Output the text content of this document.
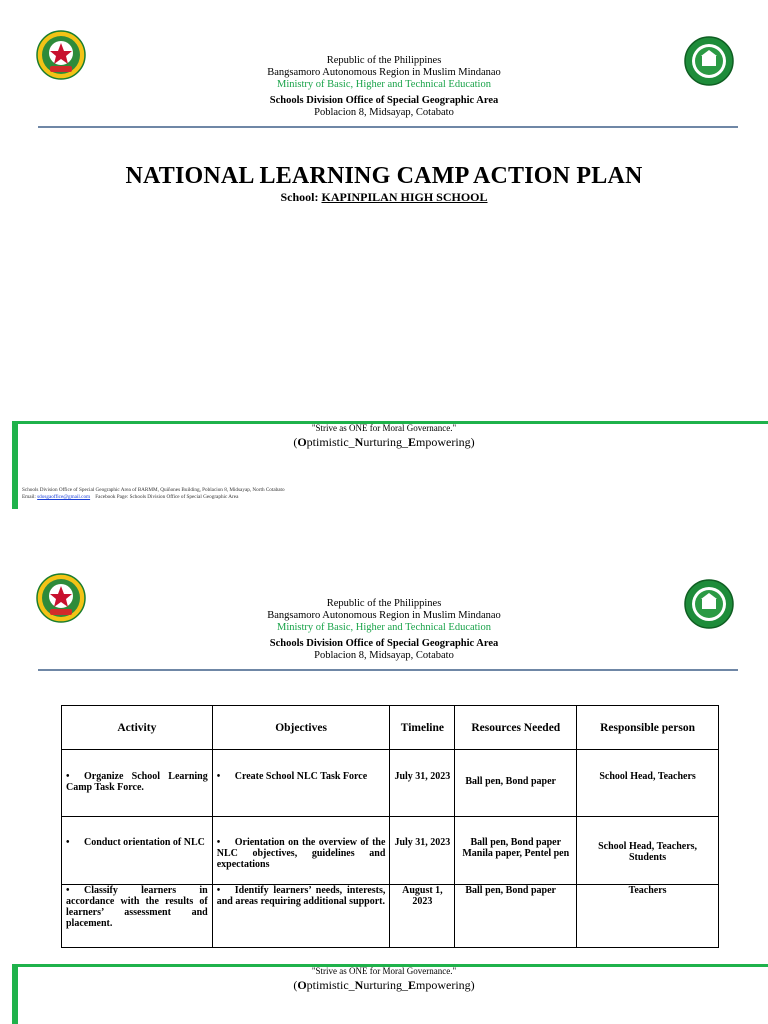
Republic of the Philippines
Bangsamoro Autonomous Region in Muslim Mindanao
Ministry of Basic, Higher and Technical Education
Schools Division Office of Special Geographic Area
Poblacion 8, Midsayap, Cotabato
NATIONAL LEARNING CAMP ACTION PLAN
School: KAPINPILAN HIGH SCHOOL
"Strive as ONE for Moral Governance."
(Optimistic_Nurturing_Empowering)
Schools Division Office of Special Geographic Area of BARMM, Quiñones Building, Poblacion 8, Midsayap, North Cotabato
Email: sdosgaoffice@gmail.com Facebook Page: Schools Division Office of Special Geographic Area
Republic of the Philippines
Bangsamoro Autonomous Region in Muslim Mindanao
Ministry of Basic, Higher and Technical Education
Schools Division Office of Special Geographic Area
Poblacion 8, Midsayap, Cotabato
Activity	Objectives	Timeline	Resources Needed	Responsible person
• Organize School Learning Camp Task Force.	• Create School NLC Task Force	July 31, 2023	Ball pen, Bond paper	School Head, Teachers
• Conduct orientation of NLC	• Orientation on the overview of the NLC objectives, guidelines and expectations	July 31, 2023	Ball pen, Bond paper Manila paper, Pentel pen	School Head, Teachers, Students
• Classify learners in accordance with the results of learners’ assessment and placement.	• Identify learners’ needs, interests, and areas requiring additional support.	August 1, 2023	Ball pen, Bond paper	Teachers
"Strive as ONE for Moral Governance."
(Optimistic_Nurturing_Empowering)
